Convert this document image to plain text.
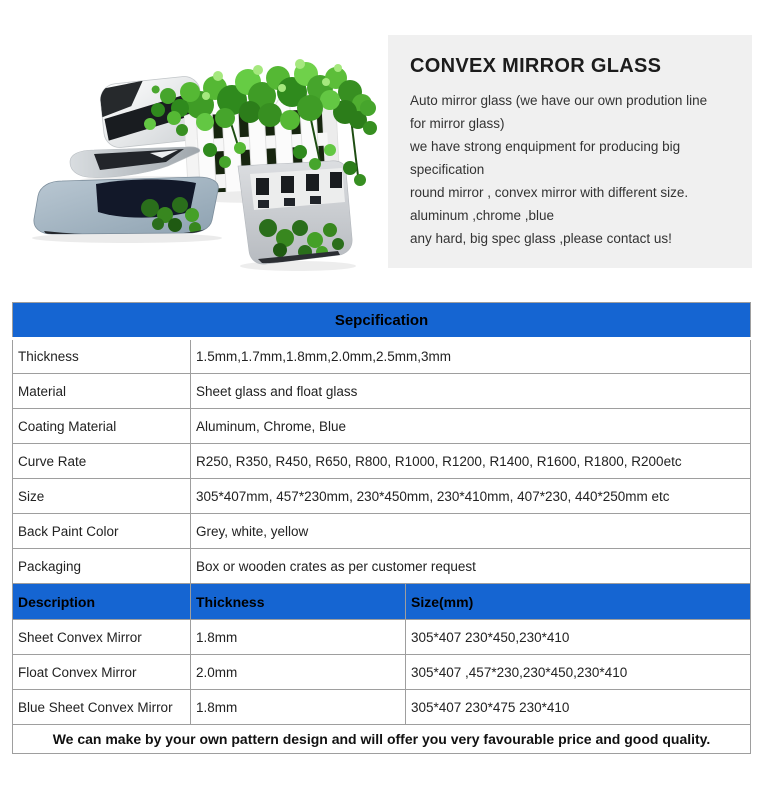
CONVEX MIRROR GLASS

Auto mirror glass (we have our own prodution line

for mirror glass)

we have strong enquipment for producing big

specification

round mirror , convex mirror with different size.

aluminum ,chrome ,blue

any hard, big spec glass ,please contact us!

Sepcification		
Thickness	1.5mm,1.7mm,1.8mm,2.0mm,2.5mm,3mm	
Material	Sheet glass and float glass	
Coating Material	Aluminum, Chrome, Blue	
Curve Rate	R250, R350, R450, R650, R800, R1000, R1200, R1400, R1600, R1800, R200etc	
Size	305*407mm, 457*230mm, 230*450mm, 230*410mm, 407*230, 440*250mm etc	
Back Paint Color	Grey, white, yellow	
Packaging	Box or wooden crates as per customer request	
Description	Thickness	Size(mm)
Sheet Convex Mirror	1.8mm	305*407 230*450,230*410
Float Convex Mirror	2.0mm	305*407 ,457*230,230*450,230*410
Blue Sheet Convex Mirror	1.8mm	305*407 230*475 230*410
We can make by your own pattern design and will offer you very favourable price and good quality.		
